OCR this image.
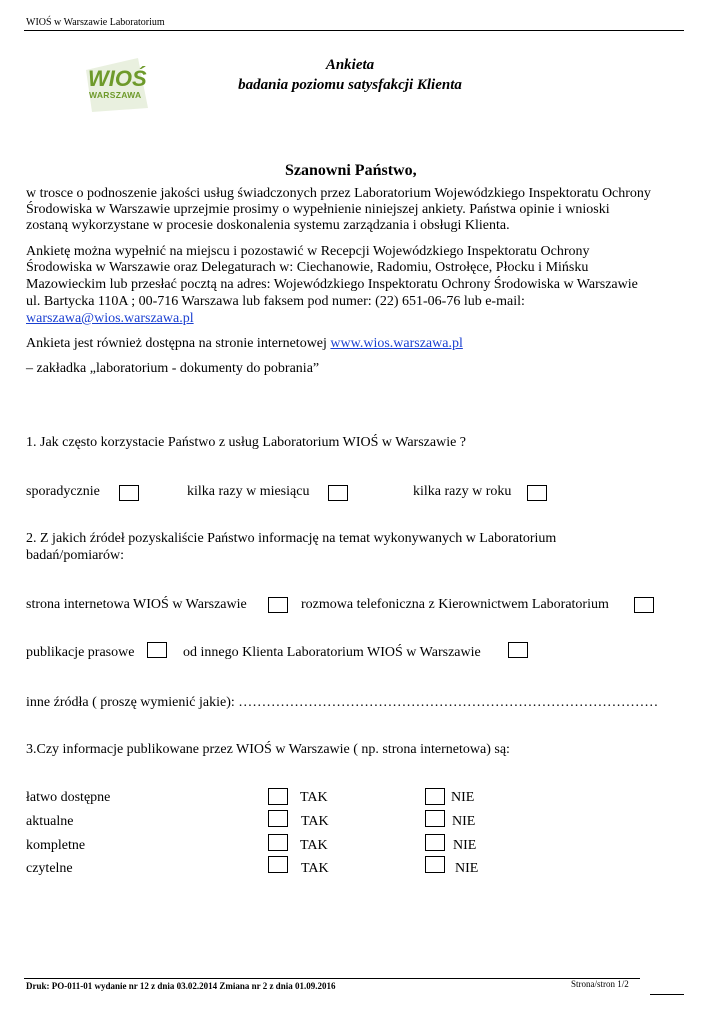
WIOŚ w Warszawie Laboratorium
WIOŚ
WARSZAWA
Ankieta
badania poziomu satysfakcji Klienta
Szanowni Państwo,
w trosce o podnoszenie jakości usług świadczonych przez Laboratorium Wojewódzkiego Inspektoratu Ochrony
Środowiska w Warszawie uprzejmie prosimy o wypełnienie niniejszej ankiety. Państwa opinie i wnioski
zostaną wykorzystane w procesie doskonalenia systemu zarządzania i obsługi Klienta.
Ankietę można wypełnić na miejscu i pozostawić w Recepcji Wojewódzkiego Inspektoratu Ochrony
Środowiska w Warszawie oraz Delegaturach w: Ciechanowie, Radomiu, Ostrołęce, Płocku i Mińsku
Mazowieckim lub przesłać pocztą na adres: Wojewódzkiego Inspektoratu Ochrony Środowiska w Warszawie
ul. Bartycka 110A ; 00-716 Warszawa lub faksem pod numer: (22) 651-06-76 lub e-mail:
warszawa@wios.warszawa.pl
Ankieta jest również dostępna na stronie internetowej www.wios.warszawa.pl
– zakładka „laboratorium - dokumenty do pobrania”
1. Jak często korzystacie Państwo z usług Laboratorium WIOŚ w Warszawie ?
sporadycznie	kilka razy w miesiącu	kilka razy w roku
2. Z jakich źródeł pozyskaliście Państwo informację na temat wykonywanych w Laboratorium
badań/pomiarów:
strona internetowa WIOŚ w Warszawie	rozmowa telefoniczna z Kierownictwem Laboratorium
publikacje prasowe	od innego Klienta Laboratorium WIOŚ w Warszawie
inne źródła ( proszę wymienić jakie): ………………………………………………………………………………
3.Czy informacje publikowane przez WIOŚ w Warszawie ( np. strona internetowa) są:
łatwo dostępne	TAK	NIE
aktualne	TAK	NIE
kompletne	TAK	NIE
czytelne	TAK	NIE
Druk: PO-011-01 wydanie nr 12 z dnia 03.02.2014 Zmiana nr 2 z dnia 01.09.2016	Strona/stron 1/2
